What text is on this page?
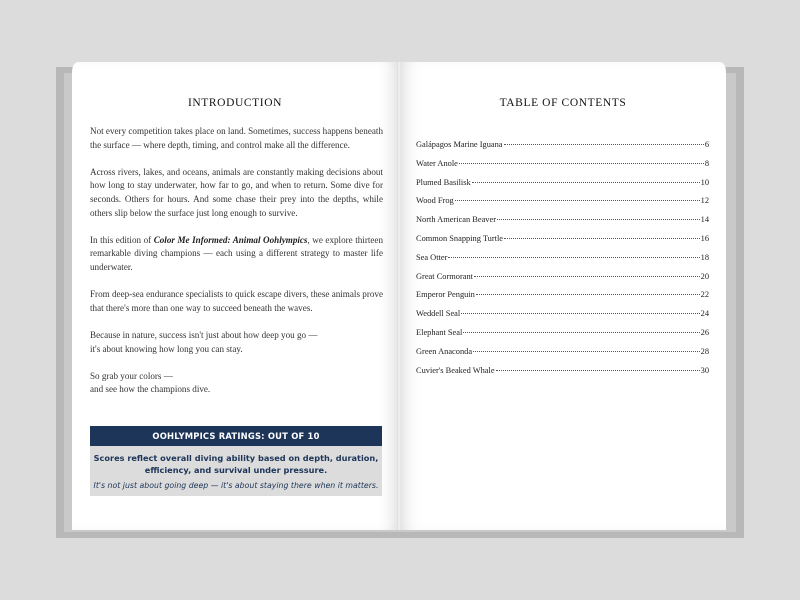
INTRODUCTION

Not every competition takes place on land. Sometimes, success happens beneath the surface — where depth, timing, and control make all the difference.

Across rivers, lakes, and oceans, animals are constantly making decisions about how long to stay underwater, how far to go, and when to return. Some dive for seconds. Others for hours. And some chase their prey into the depths, while others slip below the surface just long enough to survive.

In this edition of Color Me Informed: Animal Oohlympics, we explore thirteen remarkable diving champions — each using a different strategy to master life underwater.

From deep-sea endurance specialists to quick escape divers, these animals prove that there's more than one way to succeed beneath the waves.

Because in nature, success isn't just about how deep you go —
it's about knowing how long you can stay.

So grab your colors —
and see how the champions dive.

OOHLYMPICS RATINGS: OUT OF 10
Scores reflect overall diving ability based on depth, duration,
efficiency, and survival under pressure.
It's not just about going deep — it's about staying there when it matters.
TABLE OF CONTENTS
Galápagos Marine Iguana	6
Water Anole	8
Plumed Basilisk	10
Wood Frog	12
North American Beaver	14
Common Snapping Turtle	16
Sea Otter	18
Great Cormorant	20
Emperor Penguin	22
Weddell Seal	24
Elephant Seal	26
Green Anaconda	28
Cuvier's Beaked Whale	30
